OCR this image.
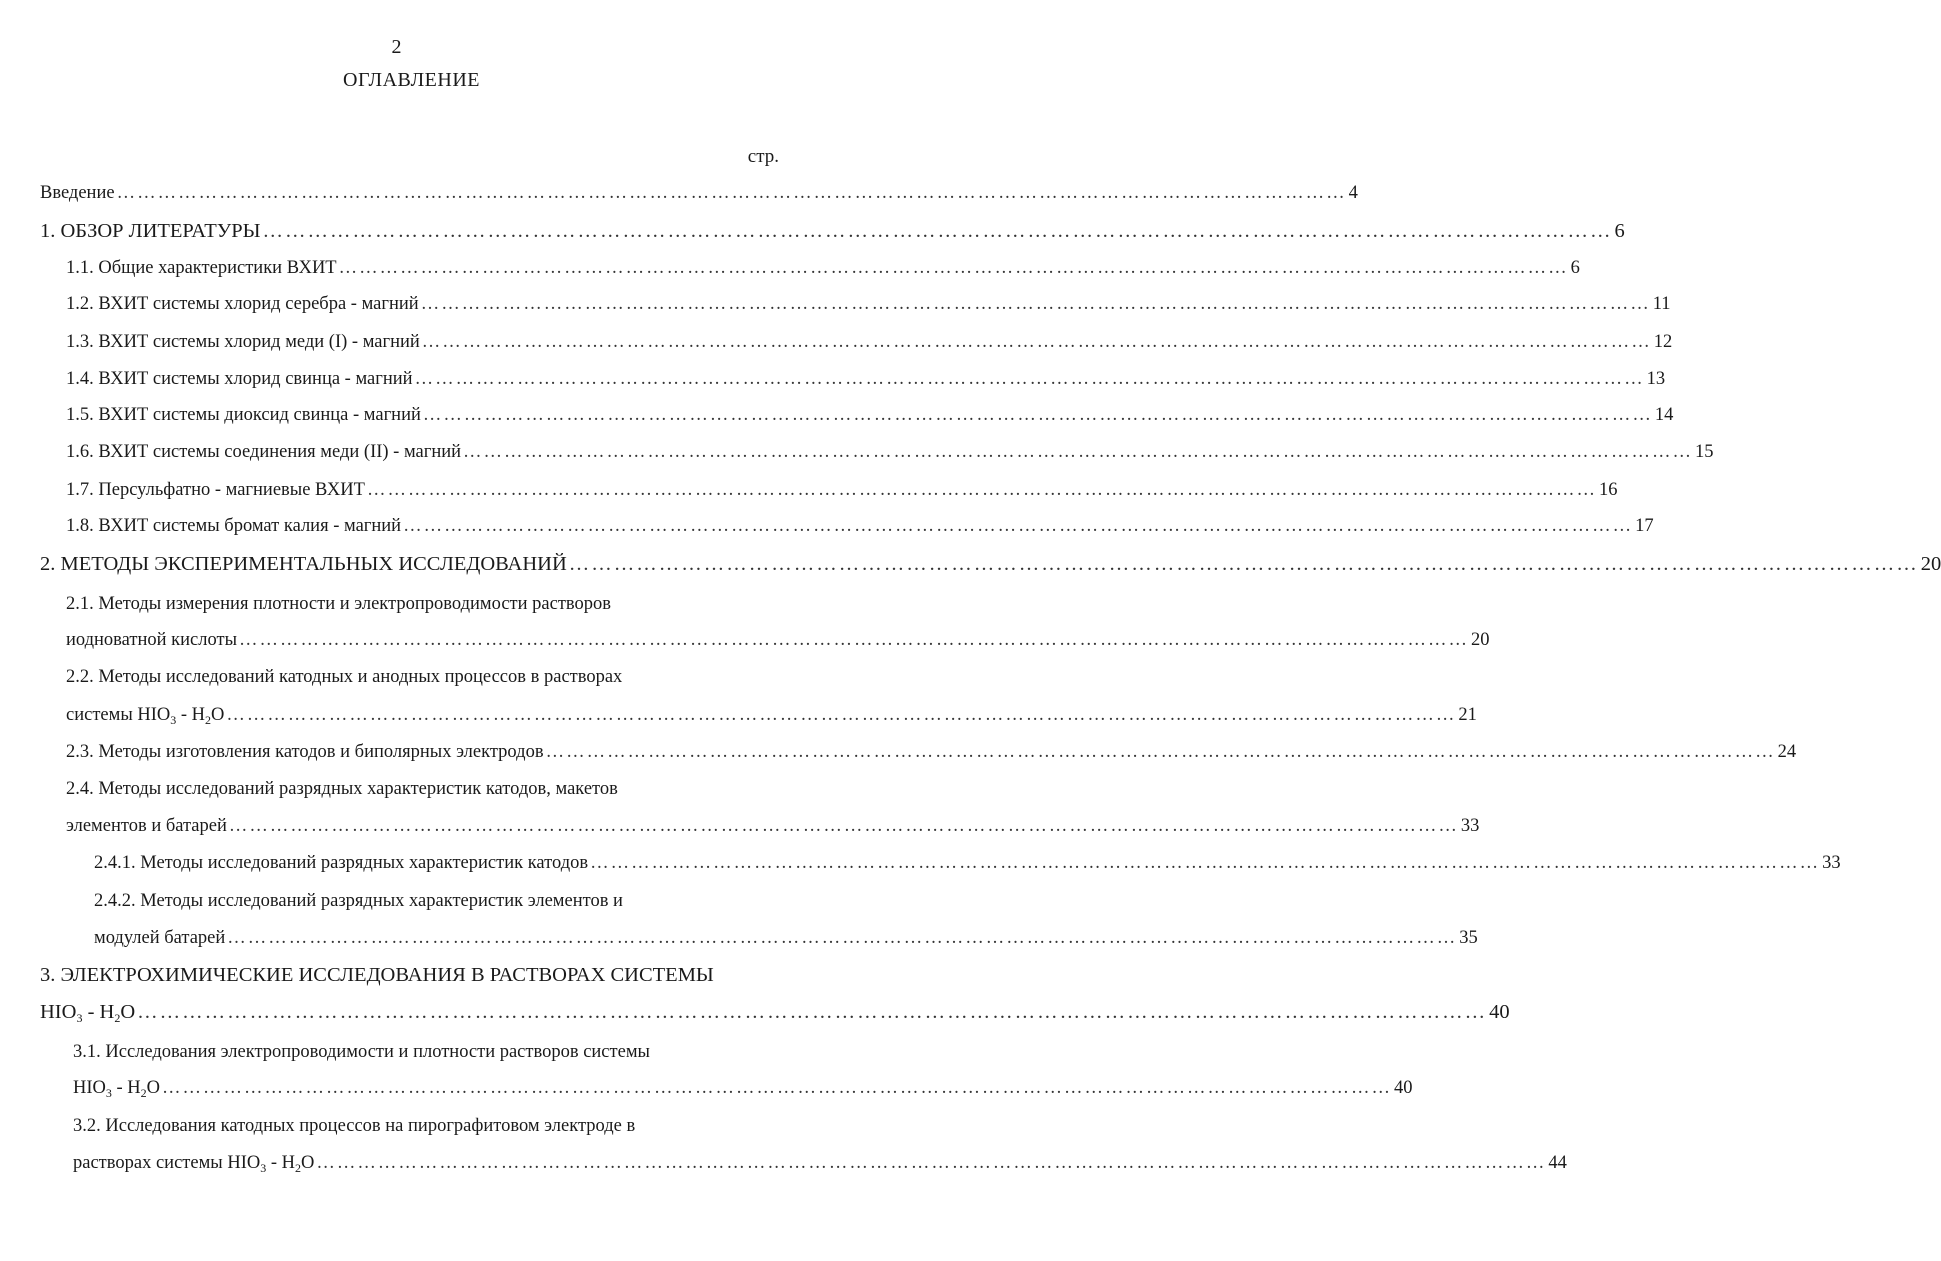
2
ОГЛАВЛЕНИЕ
стр.
Введение ……………………………………………………………………………………………………………………………………………………………… 4
1. ОБЗОР ЛИТЕРАТУРЫ ……………………………………………………………………………………………………………………………………………………………… 6
1.1. Общие характеристики ВХИТ ……………………………………………………………………………………………………………………………………………………………… 6
1.2. ВХИТ системы хлорид серебра - магний ……………………………………………………………………………………………………………………………………………………………… 11
1.3. ВХИТ системы хлорид меди (I) - магний ……………………………………………………………………………………………………………………………………………………………… 12
1.4. ВХИТ системы хлорид свинца - магний ……………………………………………………………………………………………………………………………………………………………… 13
1.5. ВХИТ системы диоксид свинца - магний ……………………………………………………………………………………………………………………………………………………………… 14
1.6. ВХИТ системы соединения меди (II) - магний ……………………………………………………………………………………………………………………………………………………………… 15
1.7. Персульфатно - магниевые ВХИТ ……………………………………………………………………………………………………………………………………………………………… 16
1.8. ВХИТ системы бромат калия - магний ……………………………………………………………………………………………………………………………………………………………… 17
2. МЕТОДЫ ЭКСПЕРИМЕНТАЛЬНЫХ ИССЛЕДОВАНИЙ ……………………………………………………………………………………………………………………………………………………………… 20
2.1. Методы измерения плотности и электропроводимости растворов
иодноватной кислоты ……………………………………………………………………………………………………………………………………………………………… 20
2.2. Методы исследований катодных и анодных процессов в растворах
системы $HIO_3 - H_2O$ ……………………………………………………………………………………………………………………………………………………………… 21
2.3. Методы изготовления катодов и биполярных электродов ……………………………………………………………………………………………………………………………………………………………… 24
2.4. Методы исследований разрядных характеристик катодов, макетов
элементов и батарей ……………………………………………………………………………………………………………………………………………………………… 33
2.4.1. Методы исследований разрядных характеристик катодов ……………………………………………………………………………………………………………………………………………………………… 33
2.4.2. Методы исследований разрядных характеристик элементов и
модулей батарей ……………………………………………………………………………………………………………………………………………………………… 35
3. ЭЛЕКТРОХИМИЧЕСКИЕ ИССЛЕДОВАНИЯ В РАСТВОРАХ СИСТЕМЫ
$HIO_3 - H_2O$ ……………………………………………………………………………………………………………………………………………………………… 40
3.1. Исследования электропроводимости и плотности растворов системы
$HIO_3 - H_2O$ ……………………………………………………………………………………………………………………………………………………………… 40
3.2. Исследования катодных процессов на пирографитовом электроде в
растворах системы $HIO_3 - H_2O$ ……………………………………………………………………………………………………………………………………………………………… 44
